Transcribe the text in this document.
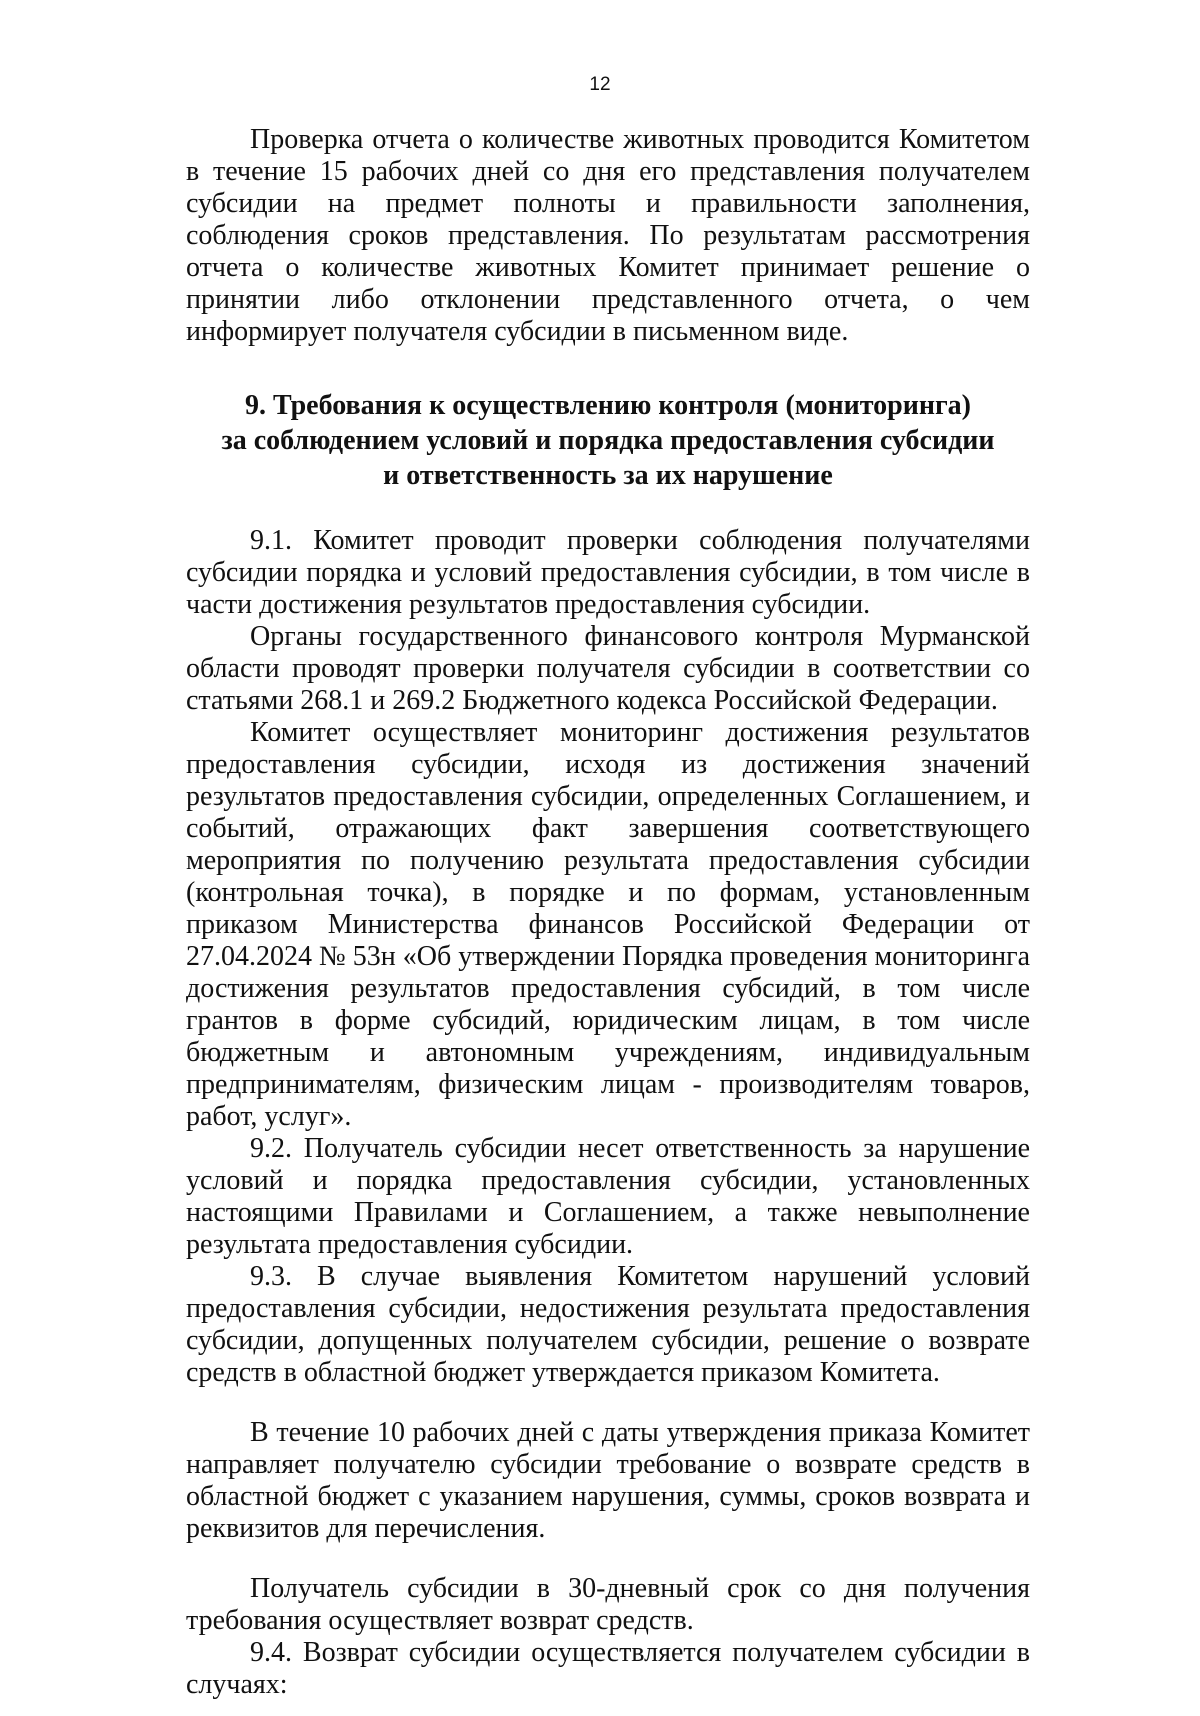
12

Проверка отчета о количестве животных проводится Комитетом в течение 15 рабочих дней со дня его представления получателем субсидии на предмет полноты и правильности заполнения, соблюдения сроков представления. По результатам рассмотрения отчета о количестве животных Комитет принимает решение о принятии либо отклонении представленного отчета, о чем информирует получателя субсидии в письменном виде.

9. Требования к осуществлению контроля (мониторинга)
за соблюдением условий и порядка предоставления субсидии
и ответственность за их нарушение

9.1. Комитет проводит проверки соблюдения получателями субсидии порядка и условий предоставления субсидии, в том числе в части достижения результатов предоставления субсидии.

Органы государственного финансового контроля Мурманской области проводят проверки получателя субсидии в соответствии со статьями 268.1 и 269.2 Бюджетного кодекса Российской Федерации.

Комитет осуществляет мониторинг достижения результатов предоставления субсидии, исходя из достижения значений результатов предоставления субсидии, определенных Соглашением, и событий, отражающих факт завершения соответствующего мероприятия по получению результата предоставления субсидии (контрольная точка), в порядке и по формам, установленным приказом Министерства финансов Российской Федерации от 27.04.2024 № 53н «Об утверждении Порядка проведения мониторинга достижения результатов предоставления субсидий, в том числе грантов в форме субсидий, юридическим лицам, в том числе бюджетным и автономным учреждениям, индивидуальным предпринимателям, физическим лицам - производителям товаров, работ, услуг».

9.2. Получатель субсидии несет ответственность за нарушение условий и порядка предоставления субсидии, установленных настоящими Правилами и Соглашением, а также невыполнение результата предоставления субсидии.

9.3. В случае выявления Комитетом нарушений условий предоставления субсидии, недостижения результата предоставления субсидии, допущенных получателем субсидии, решение о возврате средств в областной бюджет утверждается приказом Комитета.

В течение 10 рабочих дней с даты утверждения приказа Комитет направляет получателю субсидии требование о возврате средств в областной бюджет с указанием нарушения, суммы, сроков возврата и реквизитов для перечисления.

Получатель субсидии в 30-дневный срок со дня получения требования осуществляет возврат средств.

9.4. Возврат субсидии осуществляется получателем субсидии в случаях:
